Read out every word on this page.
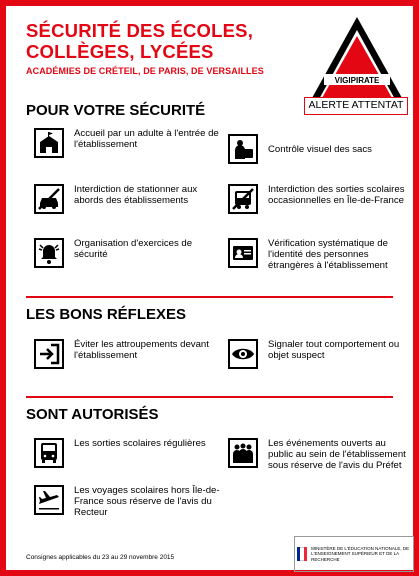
SÉCURITÉ DES ÉCOLES, COLLÈGES, LYCÉES
ACADÉMIES DE CRÉTEIL, DE PARIS, DE VERSAILLES
VIGIPIRATE
ALERTE ATTENTAT
POUR VOTRE SÉCURITÉ
Accueil par un adulte à l'entrée de l'établissement	Contrôle visuel des sacs
Interdiction de stationner aux abords des établissements
Interdiction des sorties scolaires occasionnelles en Île-de-France
Organisation d'exercices de sécurité
Vérification systématique de l'identité des personnes étrangères à l'établissement
LES BONS RÉFLEXES
Éviter les attroupements devant l'établissement
Signaler tout comportement ou objet suspect
SONT AUTORISÉS
Les sorties scolaires régulières	Les événements ouverts au public au sein de l'établissement sous réserve de l'avis du Préfet
Les voyages scolaires hors Île-de-France sous réserve de l'avis du Recteur
Consignes applicables du 23 au 29 novembre 2015
MINISTÈRE DE L'ÉDUCATION NATIONALE, DE L'ENSEIGNEMENT SUPÉRIEUR ET DE LA RECHERCHE
